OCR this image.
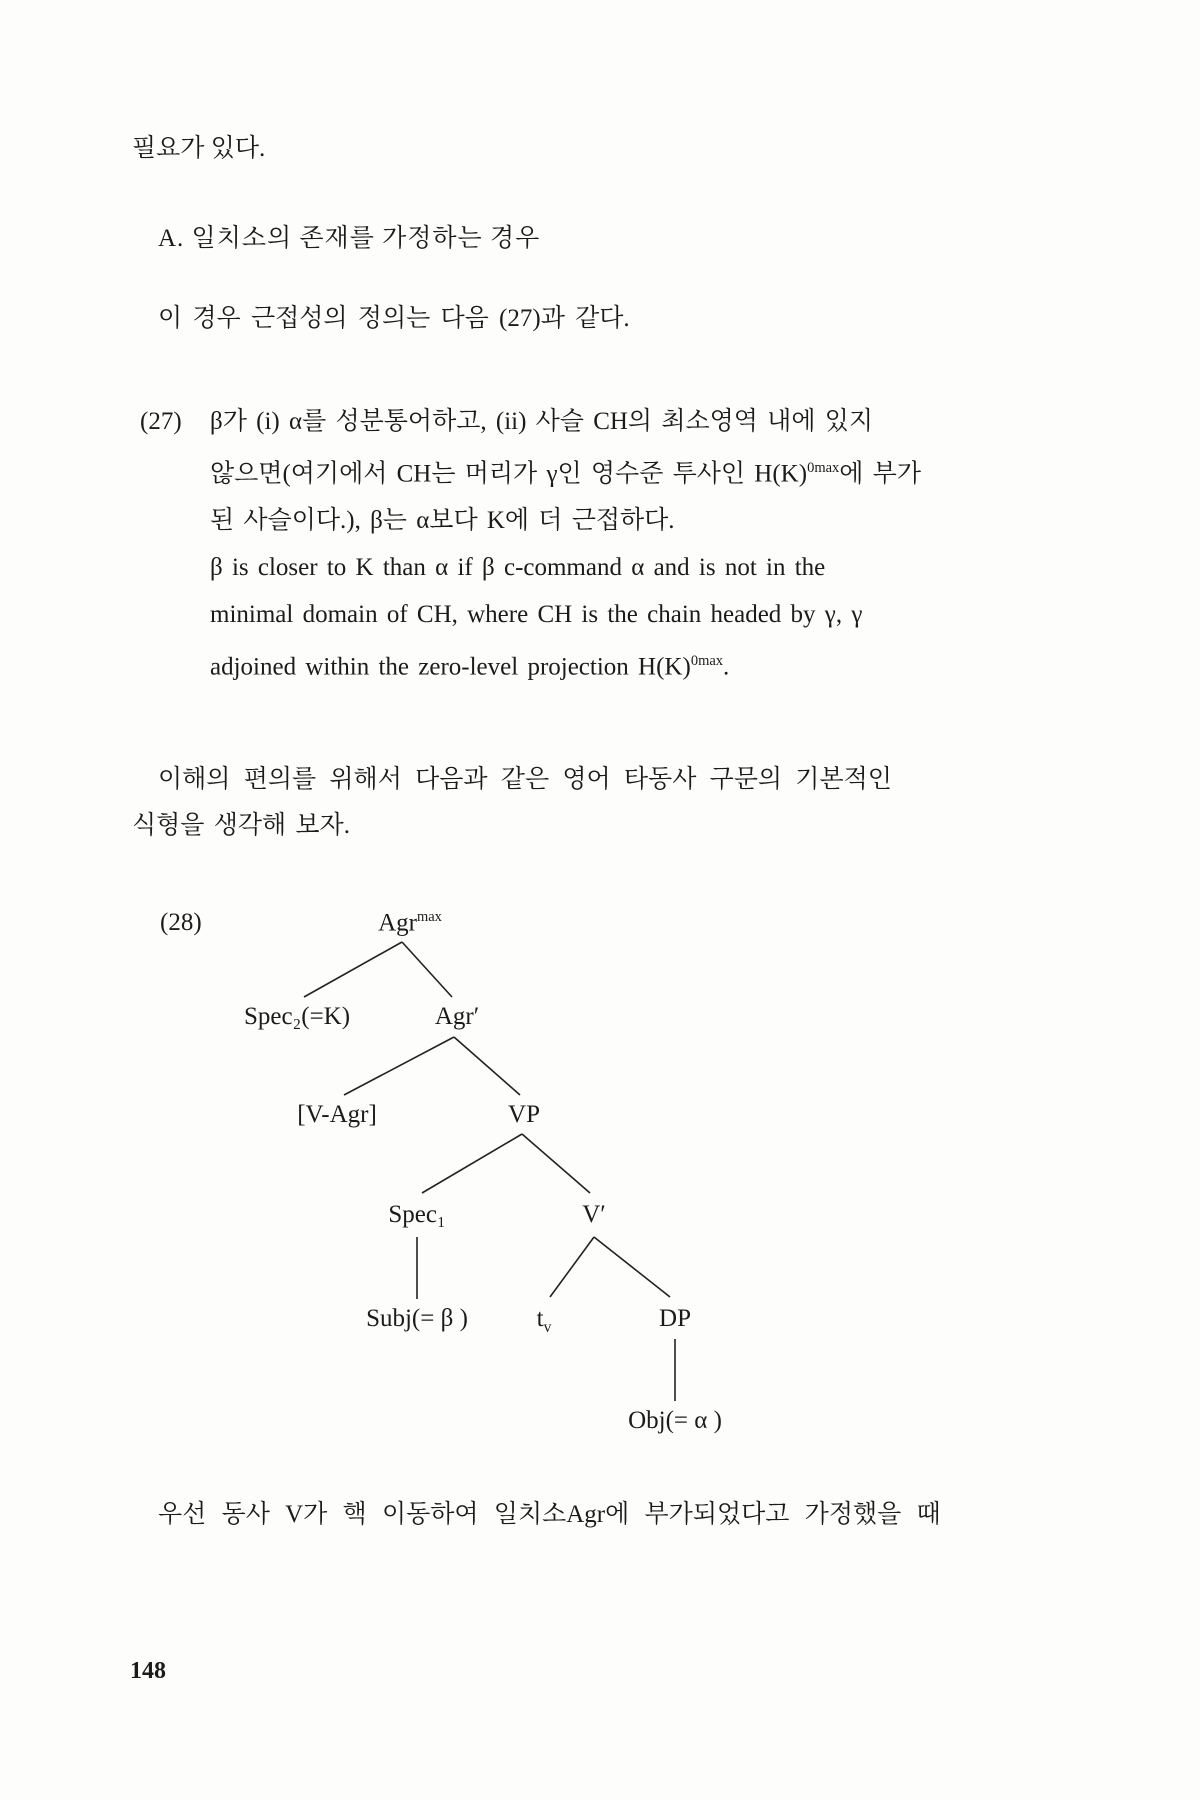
필요가 있다.

A. 일치소의 존재를 가정하는 경우

이 경우 근접성의 정의는 다음 (27)과 같다.

(27)	β가 (i) α를 성분통어하고, (ii) 사슬 CH의 최소영역 내에 있지

않으면(여기에서 CH는 머리가 γ인 영수준 투사인 $H(K)^{0max}$에 부가

된 사슬이다.), β는 α보다 K에 더 근접하다.

β is closer to K than α if β c-command α and is not in the

minimal domain of CH, where CH is the chain headed by γ, γ

adjoined within the zero-level projection $H(K)^{0max}$.

이해의 편의를 위해서 다음과 같은 영어 타동사 구문의 기본적인

식형을 생각해 보자.

(28)	Agr$^{max}$
Spec₂(=K)	Agr′
[V-Agr]	VP
Spec₁	V′
Subj(= β )	$t_v$	DP
Obj(= α )

우선 동사 V가 핵 이동하여 일치소Agr에 부가되었다고 가정했을 때

148
